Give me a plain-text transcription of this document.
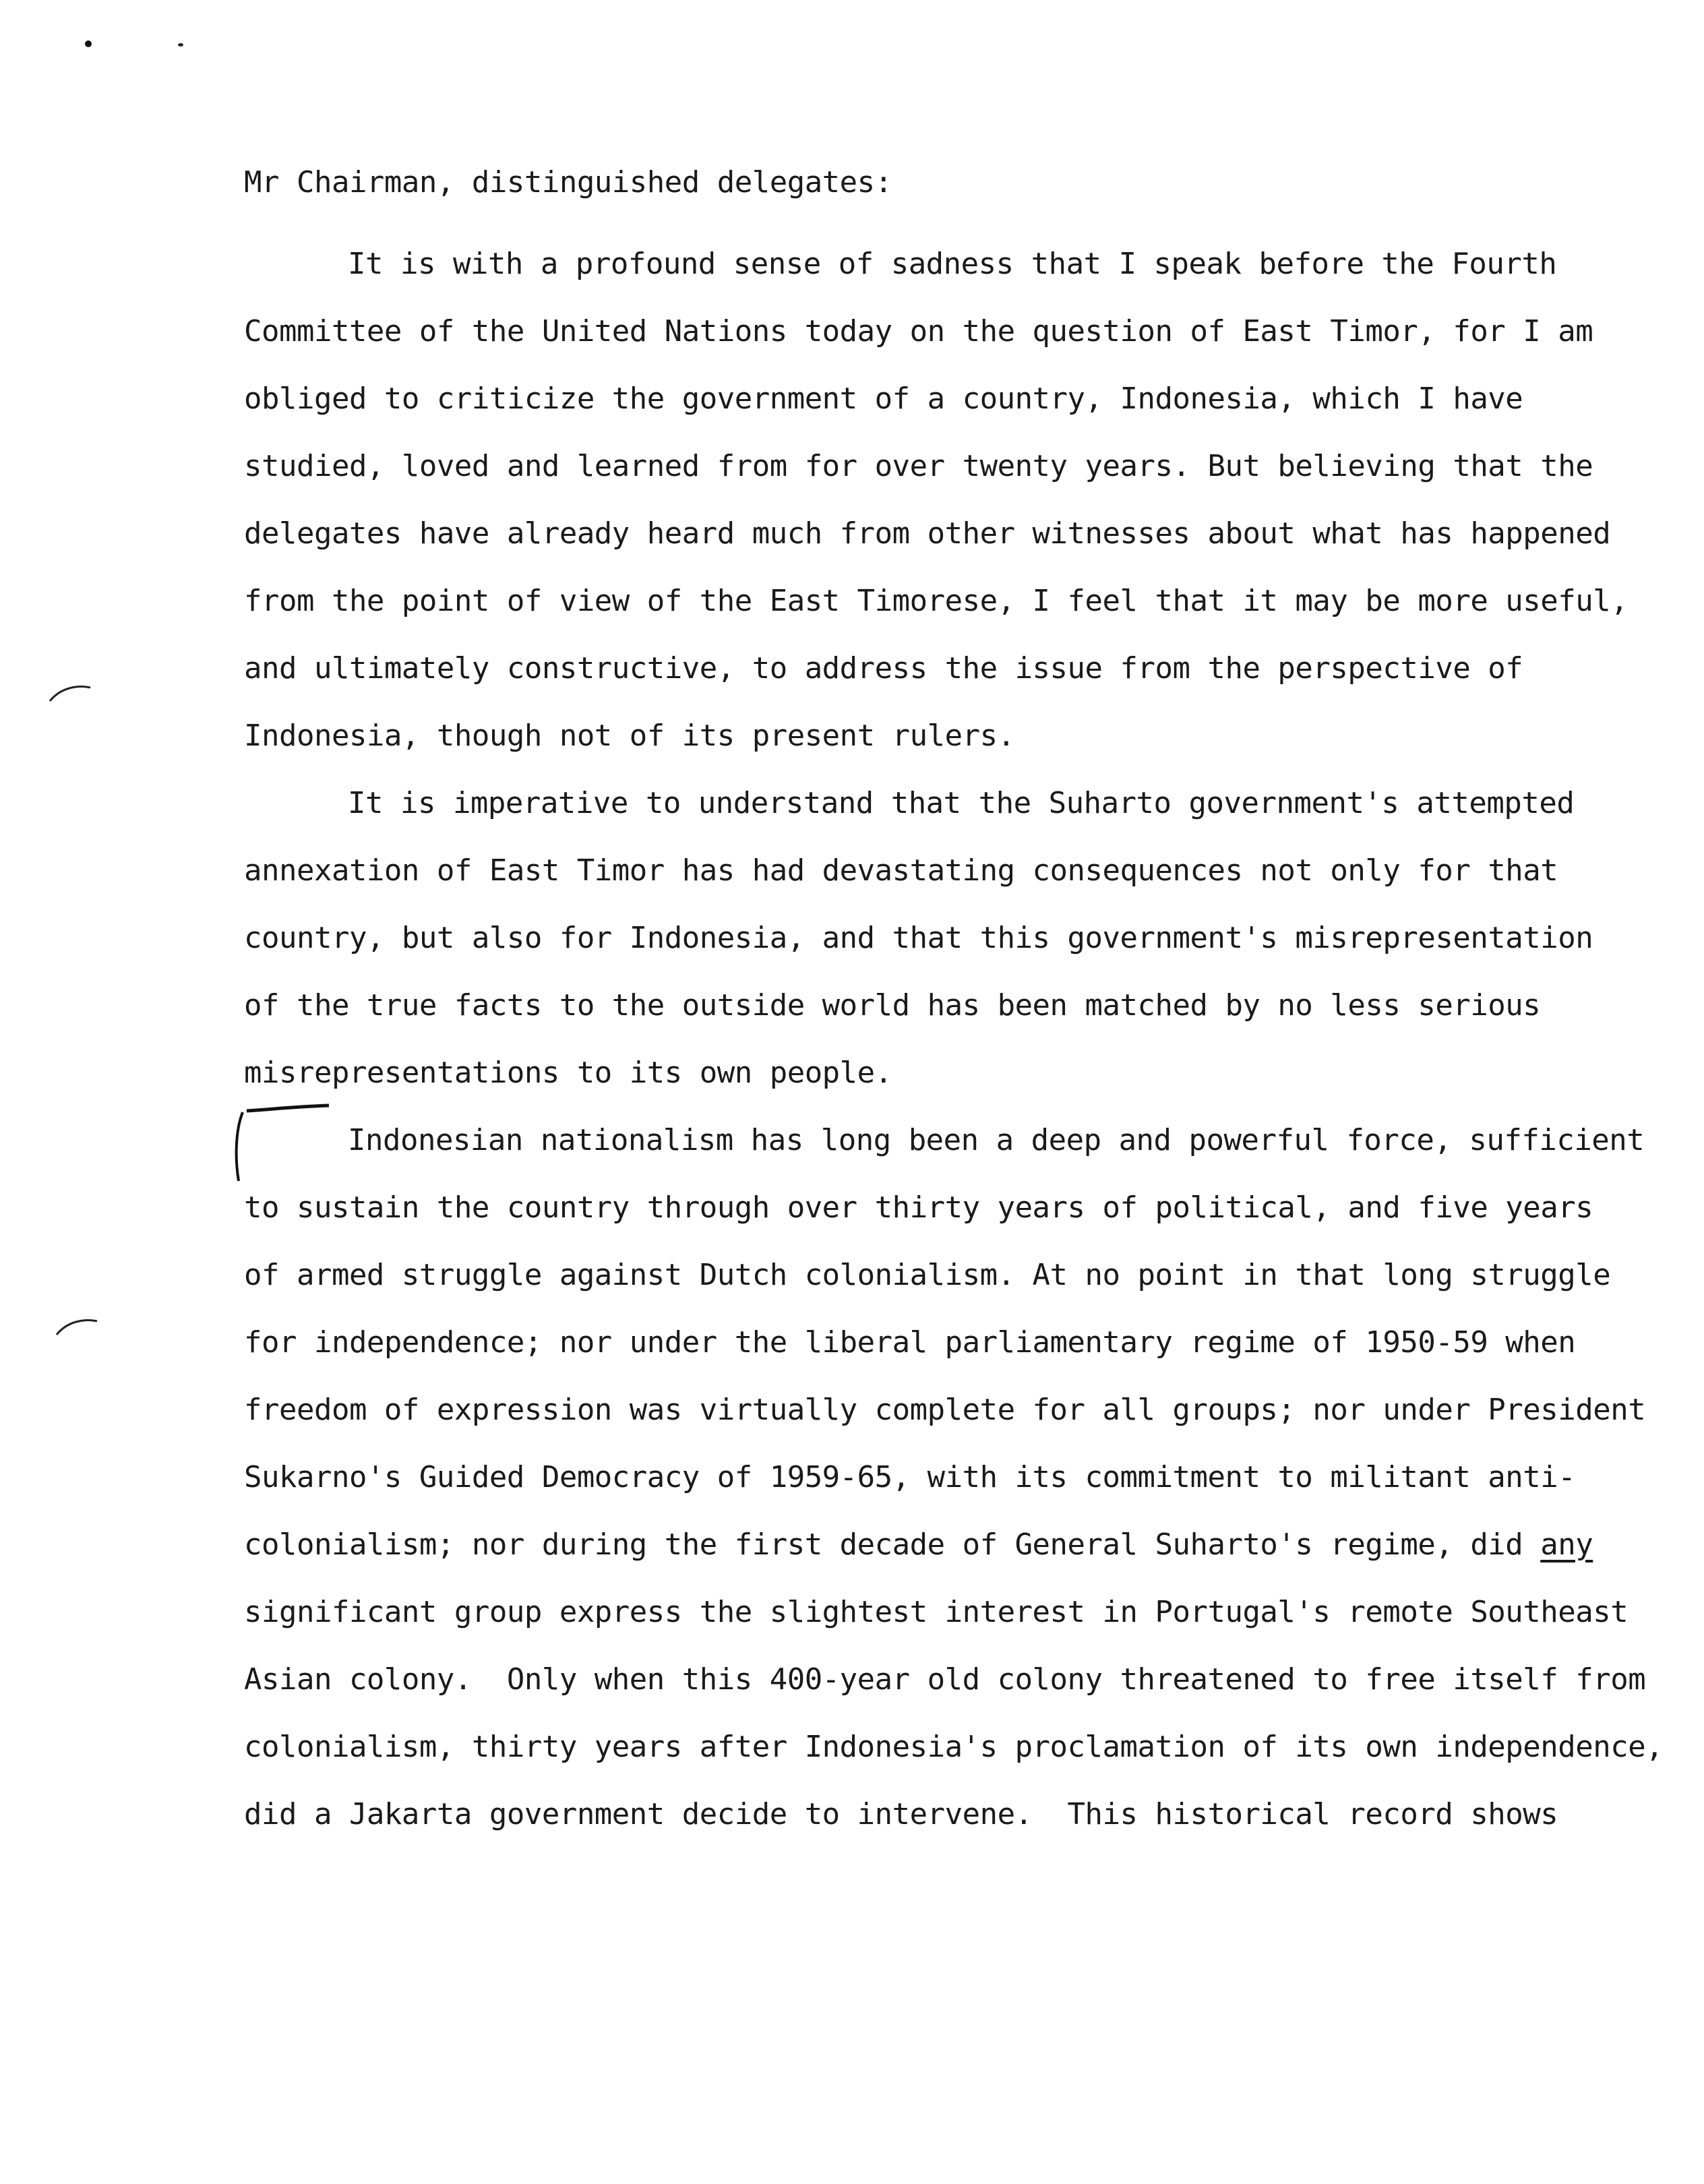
Mr Chairman, distinguished delegates:
It is with a profound sense of sadness that I speak before the Fourth
Committee of the United Nations today on the question of East Timor, for I am
obliged to criticize the government of a country, Indonesia, which I have
studied, loved and learned from for over twenty years. But believing that the
delegates have already heard much from other witnesses about what has happened
from the point of view of the East Timorese, I feel that it may be more useful,
and ultimately constructive, to address the issue from the perspective of
Indonesia, though not of its present rulers.
It is imperative to understand that the Suharto government's attempted
annexation of East Timor has had devastating consequences not only for that
country, but also for Indonesia, and that this government's misrepresentation
of the true facts to the outside world has been matched by no less serious
misrepresentations to its own people.
Indonesian nationalism has long been a deep and powerful force, sufficient
to sustain the country through over thirty years of political, and five years
of armed struggle against Dutch colonialism. At no point in that long struggle
for independence; nor under the liberal parliamentary regime of 1950-59 when
freedom of expression was virtually complete for all groups; nor under President
Sukarno's Guided Democracy of 1959-65, with its commitment to militant anti-
colonialism; nor during the first decade of General Suharto's regime, did any
significant group express the slightest interest in Portugal's remote Southeast
Asian colony.  Only when this 400-year old colony threatened to free itself from
colonialism, thirty years after Indonesia's proclamation of its own independence,
did a Jakarta government decide to intervene.  This historical record shows
